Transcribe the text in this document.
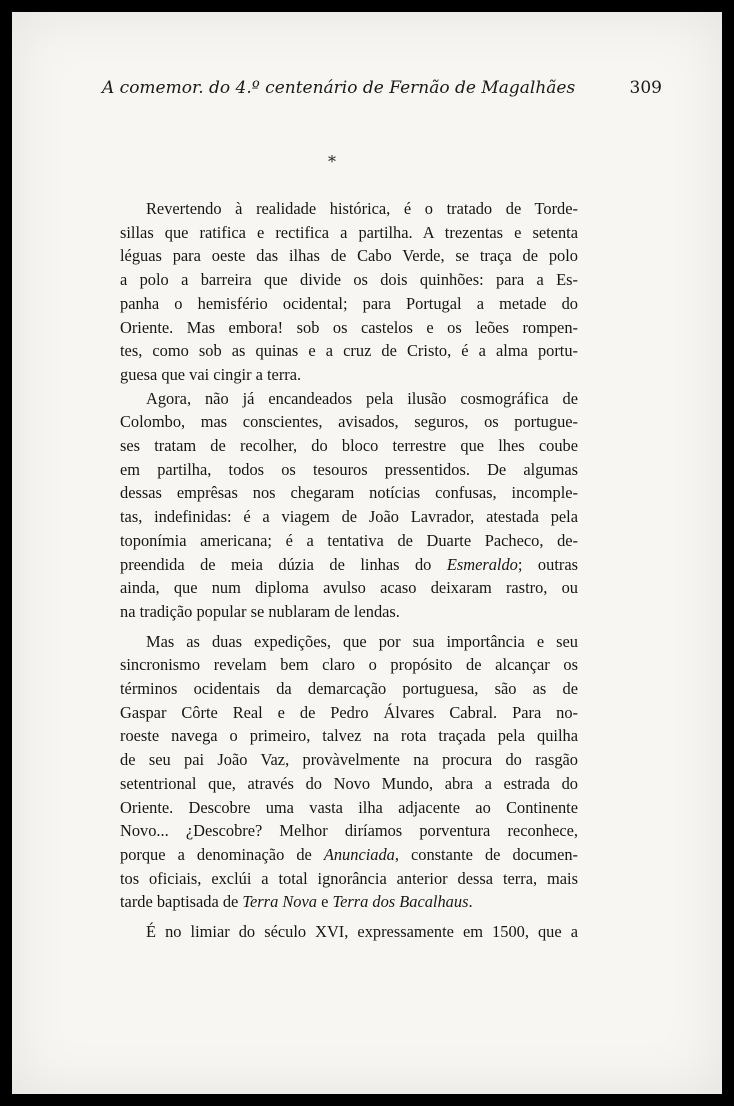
A comemor. do 4.º centenário de Fernão de Magalhães	309
*
Revertendo à realidade histórica, é o tratado de Torde-
sillas que ratifica e rectifica a partilha. A trezentas e setenta
léguas para oeste das ilhas de Cabo Verde, se traça de polo
a polo a barreira que divide os dois quinhões: para a Es-
panha o hemisfério ocidental; para Portugal a metade do
Oriente. Mas embora! sob os castelos e os leões rompen-
tes, como sob as quinas e a cruz de Cristo, é a alma portu-
guesa que vai cingir a terra.
Agora, não já encandeados pela ilusão cosmográfica de
Colombo, mas conscientes, avisados, seguros, os portugue-
ses tratam de recolher, do bloco terrestre que lhes coube
em partilha, todos os tesouros pressentidos. De algumas
dessas emprêsas nos chegaram notícias confusas, incomple-
tas, indefinidas: é a viagem de João Lavrador, atestada pela
toponímia americana; é a tentativa de Duarte Pacheco, de-
preendida de meia dúzia de linhas do Esmeraldo; outras
ainda, que num diploma avulso acaso deixaram rastro, ou
na tradição popular se nublaram de lendas.
Mas as duas expedições, que por sua importância e seu
sincronismo revelam bem claro o propósito de alcançar os
términos ocidentais da demarcação portuguesa, são as de
Gaspar Côrte Real e de Pedro Álvares Cabral. Para no-
roeste navega o primeiro, talvez na rota traçada pela quilha
de seu pai João Vaz, provàvelmente na procura do rasgão
setentrional que, através do Novo Mundo, abra a estrada do
Oriente. Descobre uma vasta ilha adjacente ao Continente
Novo... ¿Descobre? Melhor diríamos porventura reconhece,
porque a denominação de Anunciada, constante de documen-
tos oficiais, exclúi a total ignorância anterior dessa terra, mais
tarde baptisada de Terra Nova e Terra dos Bacalhaus.
É no limiar do século XVI, expressamente em 1500, que a
